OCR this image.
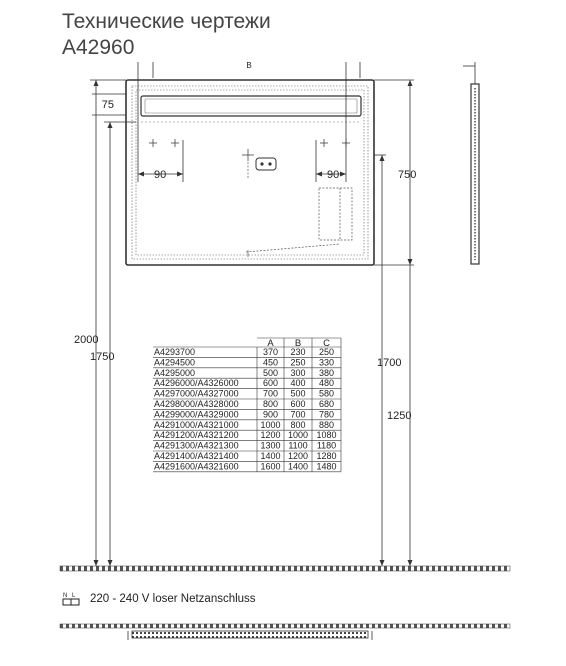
Технические чертежи
A42960
B
75
90	90	750
2000
1750	1700
1250
A B C
A4293700	370 230 250
A4294500	450 250 330
A4295000	500 300 380
A4296000/A4326000	600 400 480
A4297000/A4327000	700 500 580
A4298000/A4328000	800 600 680
A4299000/A4329000	900 700 780
A4291000/A4321000 1000 800 880
A4291200/A4321200 1200 1000 1080
A4291300/A4321300 1300 1100 1180
A4291400/A4321400 1400 1200 1280
A4291600/A4321600 1600 1400 1480
N L 220 - 240 V loser Netzanschluss
